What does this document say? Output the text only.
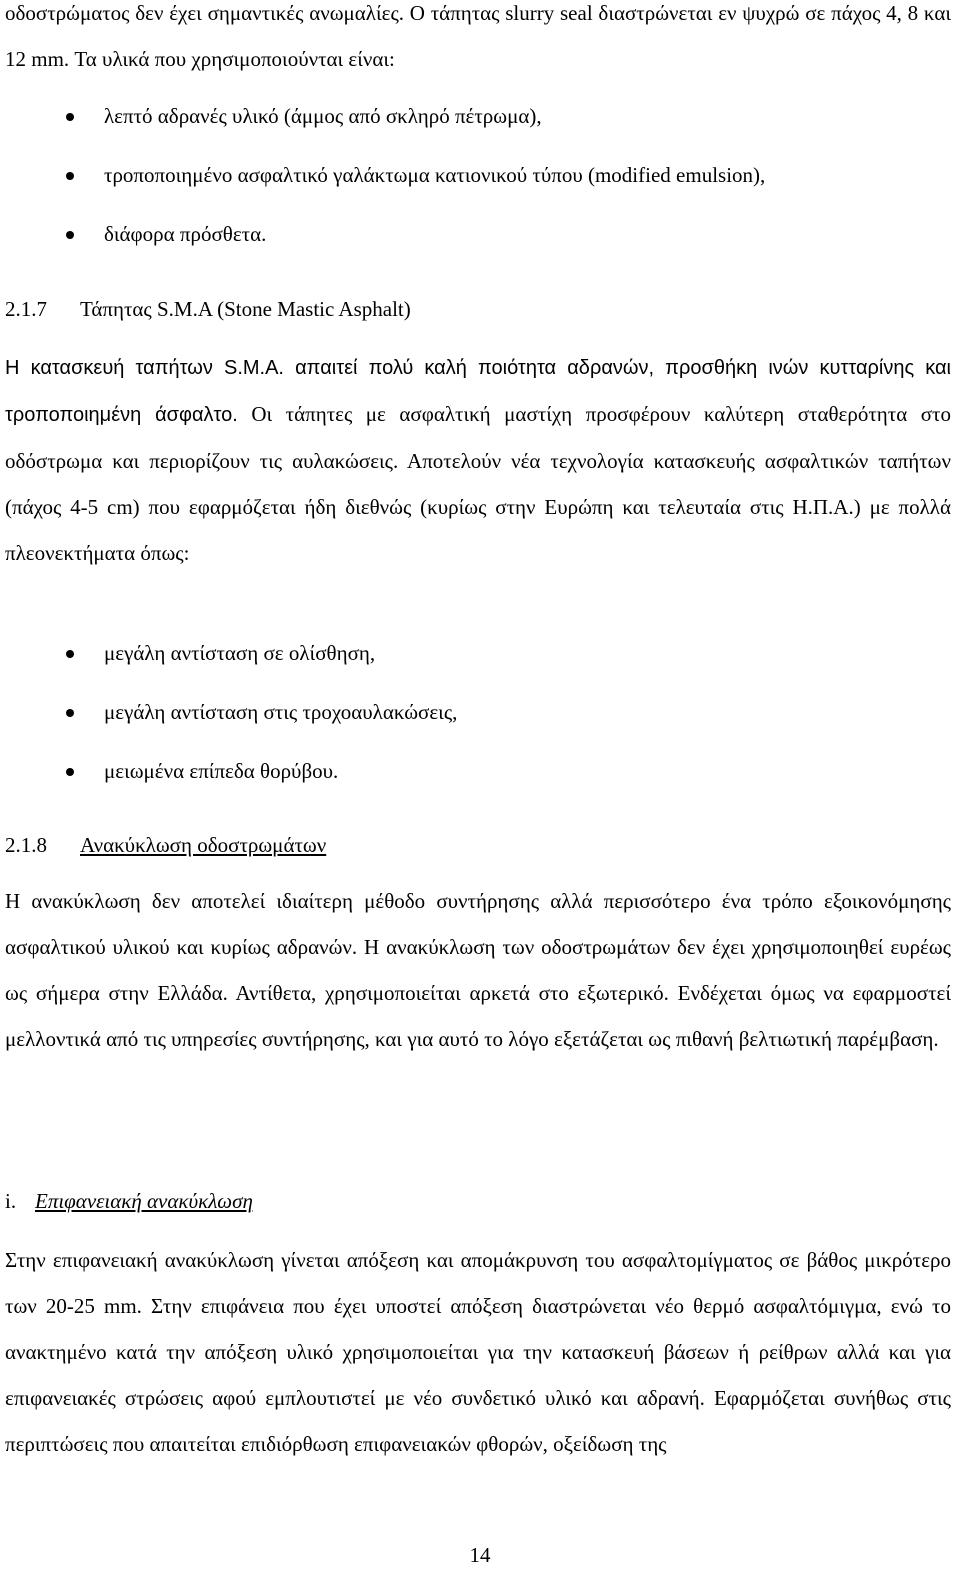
οδοστρώματος δεν έχει σημαντικές ανωμαλίες. Ο τάπητας slurry seal διαστρώνεται εν ψυχρώ σε πάχος 4, 8 και 12 mm. Τα υλικά που χρησιμοποιούνται είναι:

λεπτό αδρανές υλικό (άμμος από σκληρό πέτρωμα),
τροποποιημένο ασφαλτικό γαλάκτωμα κατιονικού τύπου (modified emulsion),
διάφορα πρόσθετα.
2.1.7 Τάπητας S.M.A (Stone Mastic Asphalt)

Η κατασκευή ταπήτων S.M.A. απαιτεί πολύ καλή ποιότητα αδρανών, προσθήκη ινών κυτταρίνης και τροποποιημένη άσφαλτο. Οι τάπητες με ασφαλτική μαστίχη προσφέρουν καλύτερη σταθερότητα στο οδόστρωμα και περιορίζουν τις αυλακώσεις. Αποτελούν νέα τεχνολογία κατασκευής ασφαλτικών ταπήτων (πάχος 4-5 cm) που εφαρμόζεται ήδη διεθνώς (κυρίως στην Ευρώπη και τελευταία στις Η.Π.Α.) με πολλά πλεονεκτήματα όπως:

μεγάλη αντίσταση σε ολίσθηση,
μεγάλη αντίσταση στις τροχοαυλακώσεις,
μειωμένα επίπεδα θορύβου.
2.1.8 Ανακύκλωση οδοστρωμάτων

Η ανακύκλωση δεν αποτελεί ιδιαίτερη μέθοδο συντήρησης αλλά περισσότερο ένα τρόπο εξοικονόμησης ασφαλτικού υλικού και κυρίως αδρανών. Η ανακύκλωση των οδοστρωμάτων δεν έχει χρησιμοποιηθεί ευρέως ως σήμερα στην Ελλάδα. Αντίθετα, χρησιμοποιείται αρκετά στο εξωτερικό. Ενδέχεται όμως να εφαρμοστεί μελλοντικά από τις υπηρεσίες συντήρησης, και για αυτό το λόγο εξετάζεται ως πιθανή βελτιωτική παρέμβαση.

i. Επιφανειακή ανακύκλωση

Στην επιφανειακή ανακύκλωση γίνεται απόξεση και απομάκρυνση του ασφαλτομίγματος σε βάθος μικρότερο των 20-25 mm. Στην επιφάνεια που έχει υποστεί απόξεση διαστρώνεται νέο θερμό ασφαλτόμιγμα, ενώ το ανακτημένο κατά την απόξεση υλικό χρησιμοποιείται για την κατασκευή βάσεων ή ρείθρων αλλά και για επιφανειακές στρώσεις αφού εμπλουτιστεί με νέο συνδετικό υλικό και αδρανή. Εφαρμόζεται συνήθως στις περιπτώσεις που απαιτείται επιδιόρθωση επιφανειακών φθορών, οξείδωση της

14
